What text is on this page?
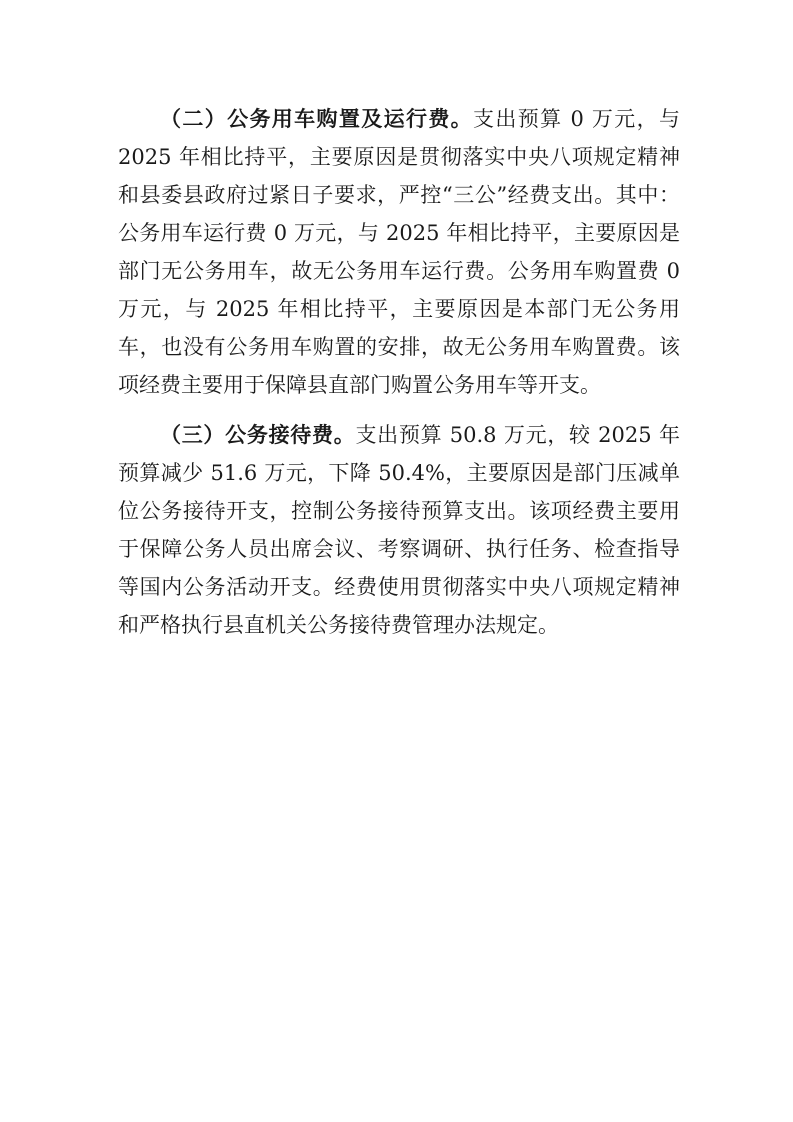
（二）公务用车购置及运行费。支出预算 0 万元，与 2025 年相比持平，主要原因是贯彻落实中央八项规定精神和县委县政府过紧日子要求，严控“三公”经费支出。其中：公务用车运行费 0 万元，与 2025 年相比持平，主要原因是部门无公务用车，故无公务用车运行费。公务用车购置费 0 万元，与 2025 年相比持平，主要原因是本部门无公务用车，也没有公务用车购置的安排，故无公务用车购置费。该项经费主要用于保障县直部门购置公务用车等开支。

（三）公务接待费。支出预算 50.8 万元，较 2025 年预算减少 51.6 万元，下降 50.4%，主要原因是部门压减单位公务接待开支，控制公务接待预算支出。该项经费主要用于保障公务人员出席会议、考察调研、执行任务、检查指导等国内公务活动开支。经费使用贯彻落实中央八项规定精神和严格执行县直机关公务接待费管理办法规定。
